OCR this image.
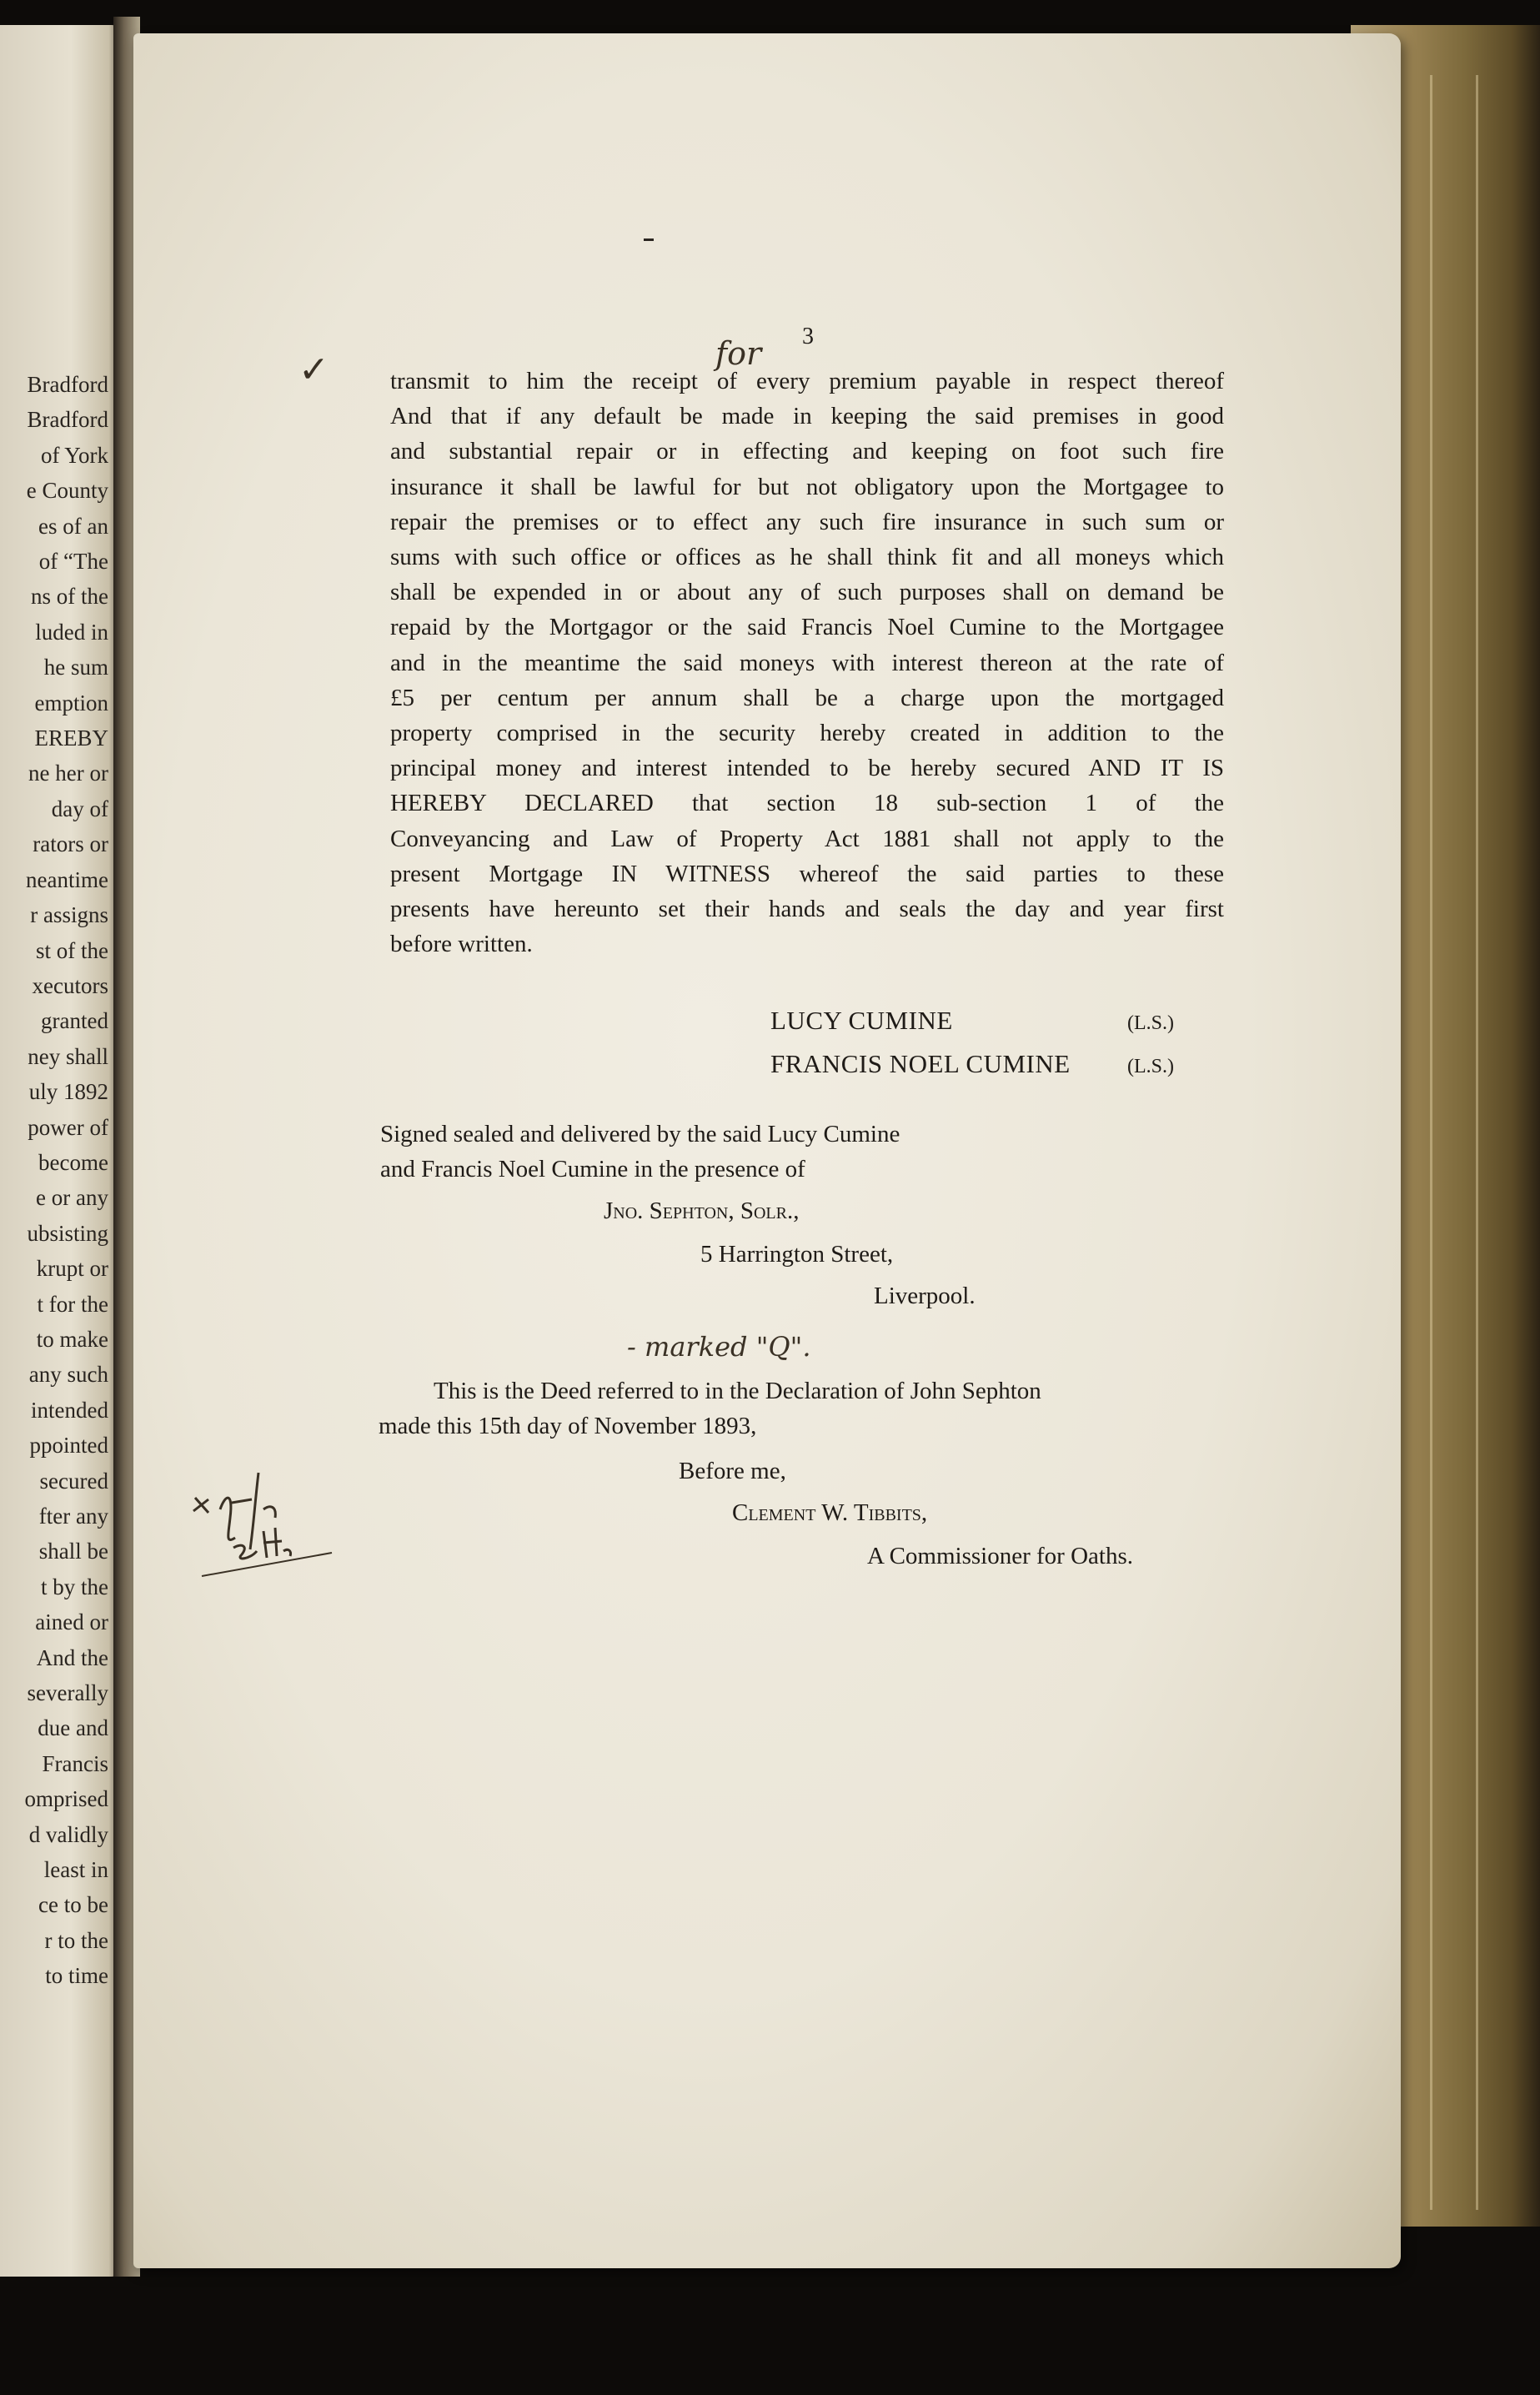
Bradford
Bradford
of York
e County
es of an
of “The
ns of the
luded in
he sum
emption
EREBY
ne her or
day of
rators or
neantime
r assigns
st of the
xecutors
granted
ney shall
uly 1892
power of
become
e or any
ubsisting
krupt or
t for the
to make
any such
intended
ppointed
secured
fter any
shall be
t by the
ained or
And the
severally
due and
Francis
omprised
d validly
least in
ce to be
r to the
to time
3
✓	transmit to him the receipt of every premium payable in respect thereof
And that if any default be made in keeping the said premises in good
and substantial repair or in effecting and keeping on foot such fire
insurance it shall be lawful for but not obligatory upon the Mortgagee to
repair the premises or to effect any such fire insurance in such sum or
sums with such office or offices as he shall think fit and all moneys which
shall be expended in or about any of such purposes shall on demand be
repaid by the Mortgagor or the said Francis Noel Cumine to the Mortgagee
and in the meantime the said moneys with interest thereon at the rate of
£5 per centum per annum shall be a charge upon the mortgaged
property comprised in the security hereby created in addition to the
principal money and interest intended to be hereby secured AND IT IS
HEREBY DECLARED that section 18 sub-section 1 of the
Conveyancing and Law of Property Act 1881 shall not apply to the
present Mortgage IN WITNESS whereof the said parties to these
presents have hereunto set their hands and seals the day and year first
before written.
for
LUCY CUMINE	(L.S.)
FRANCIS NOEL CUMINE	(L.S.)
Signed sealed and delivered by the said Lucy Cumine
and Francis Noel Cumine in the presence of
Jno. Sephton, Solr.,
5 Harrington Street,
Liverpool.
- marked "Q".
This is the Deed referred to in the Declaration of John Sephton
made this 15th day of November 1893,
Before me,
Clement W. Tibbits,
A Commissioner for Oaths.
